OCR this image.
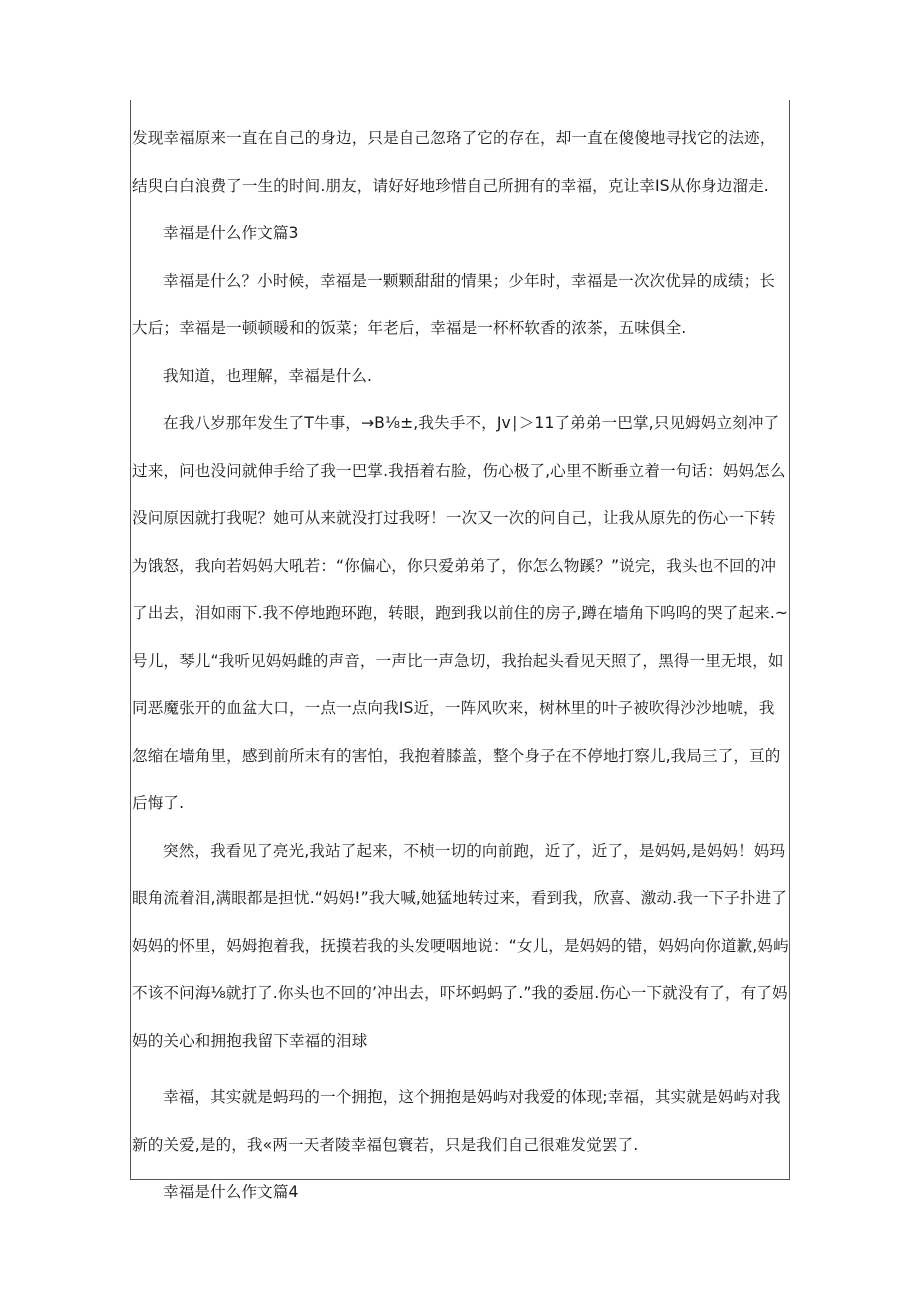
发现幸福原来一直在自己的身边，只是自己忽珞了它的存在，却一直在傻傻地寻找它的法迹，结臾白白浪费了一生的时间.朋友，请好好地珍惜自己所拥有的幸福，克让幸IS从你身边溜走.

幸福是什么作文篇3

幸福是什么？小时候，幸福是一颗颗甜甜的情果；少年时，幸福是一次次优异的成绩；长大后；幸福是一顿顿暖和的饭菜；年老后，幸福是一杯杯软香的浓茶，五味俱全.

我知道，也理解，幸福是什么.

在我八岁那年发生了T牛事，→B⅛±,我失手不，Jv∣＞11了弟弟一巴掌,只见姆妈立刻冲了过来，问也没问就伸手给了我一巴掌.我捂着右脸，伤心极了,心里不断垂立着一句话：妈妈怎么没问原因就打我呢？她可从来就没打过我呀！一次又一次的问自己，让我从原先的伤心一下转为饿怒，我向若妈妈大吼若：“你偏心，你只爱弟弟了，你怎么物蹊？”说完，我头也不回的冲了出去，泪如雨下.我不停地跑环跑，转眼，跑到我以前住的房子,蹲在墙角下呜呜的哭了起来.~号儿，琴儿“我听见妈妈雌的声音，一声比一声急切，我抬起头看见天照了，黑得一里无垠，如同恶魔张开的血盆大口，一点一点向我IS近，一阵风吹来，树林里的叶子被吹得沙沙地唬，我忽缩在墙角里，感到前所末有的害怕，我抱着膝盖，整个身子在不停地打察儿,我局三了，亘的后悔了.

突然，我看见了亮光,我站了起来，不桢一切的向前跑，近了，近了，是妈妈,是妈妈！妈玛眼角流着泪,满眼都是担忧.“妈妈!”我大喊,她猛地转过来，看到我，欣喜、激动.我一下子扑进了妈妈的怀里，妈姆抱着我，抚摸若我的头发哽咽地说：“女儿，是妈妈的错，妈妈向你道歉,妈屿不该不问海⅛就打了.你头也不回的’冲出去，吓坏蚂蚂了.”我的委屈.伤心一下就没有了，有了妈妈的关心和拥抱我留下幸福的泪球

幸福，其实就是蚂玛的一个拥抱，这个拥抱是妈屿对我爱的体现;幸福，其实就是妈屿对我新的关爱,是的，我«两一天者陵幸福包寰若，只是我们自己很难发觉罢了.

幸福是什么作文篇4
